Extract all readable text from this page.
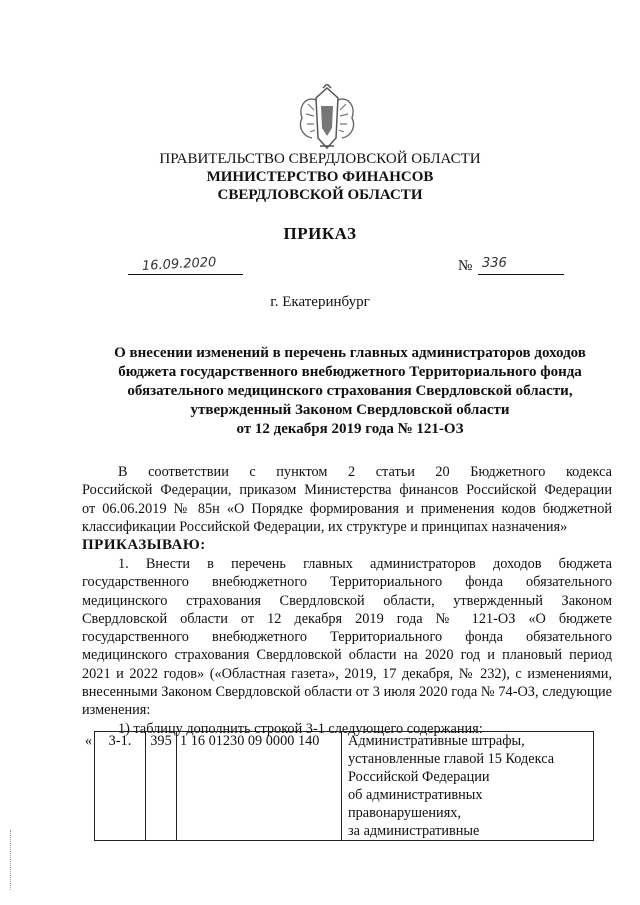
ПРАВИТЕЛЬСТВО СВЕРДЛОВСКОЙ ОБЛАСТИ
МИНИСТЕРСТВО ФИНАНСОВ
СВЕРДЛОВСКОЙ ОБЛАСТИ
ПРИКАЗ
16.09.2020	№ 336
г. Екатеринбург
О внесении изменений в перечень главных администраторов доходов
бюджета государственного внебюджетного Территориального фонда
обязательного медицинского страхования Свердловской области,
утвержденный Законом Свердловской области
от 12 декабря 2019 года № 121-ОЗ
В соответствии с пунктом 2 статьи 20 Бюджетного кодекса
Российской Федерации, приказом Министерства финансов Российской Федерации
от 06.06.2019 № 85н «О Порядке формирования и применения кодов бюджетной
классификации Российской Федерации, их структуре и принципах назначения»
ПРИКАЗЫВАЮ:
1. Внести в перечень главных администраторов доходов бюджета
государственного внебюджетного Территориального фонда обязательного
медицинского страхования Свердловской области, утвержденный Законом
Свердловской области от 12 декабря 2019 года № 121-ОЗ «О бюджете
государственного внебюджетного Территориального фонда обязательного
медицинского страхования Свердловской области на 2020 год и плановый период
2021 и 2022 годов» («Областная газета», 2019, 17 декабря, № 232), с изменениями,
внесенными Законом Свердловской области от 3 июля 2020 года № 74-ОЗ, следующие
изменения:
1) таблицу дополнить строкой 3-1 следующего содержания:
«	3-1.	395	1 16 01230 09 0000 140	Административные штрафы,
установленные главой 15 Кодекса
Российской Федерации
об административных
правонарушениях,
за административные
